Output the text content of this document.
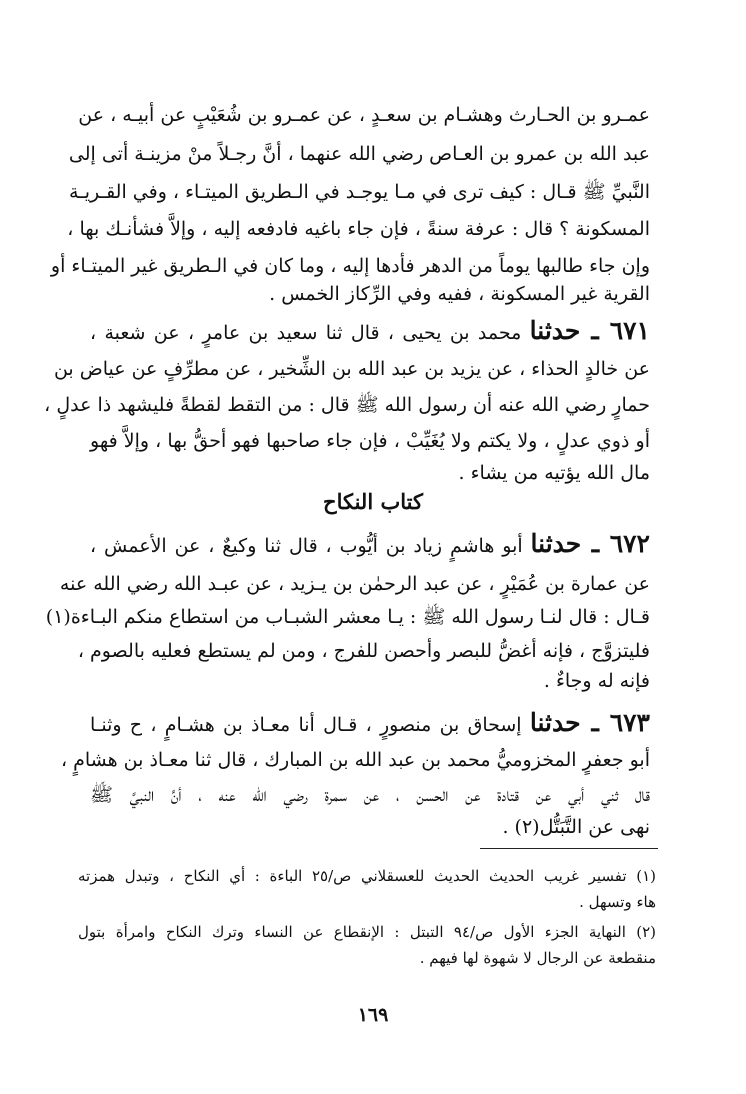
عمـرو بن الحـارث وهشـام بن سعـدٍ ، عن عمـرو بن شُعَيْبٍ عن أبيـه ، عن
عبد الله بن عمرو بن العـاص رضي الله عنهما ، أنَّ رجـلاً منْ مزينـة أتى إلى
النَّبيِّ ﷺ قـال : كيف ترى في مـا يوجـد في الـطريق الميتـاء ، وفي القـريـة
المسكونة ؟ قال : عرفة سنةً ، فإن جاء باغيه فادفعه إليه ، وإلاَّ فشأنـك بها ،
وإن جاء طالبها يوماً من الدهر فأدها إليه ، وما كان في الـطريق غير الميتـاء أو
القرية غير المسكونة ، ففيه وفي الرِّكاز الخمس .
٦٧١ ـ حدثنا محمد بن يحيى ، قال ثنا سعيد بن عامرٍ ، عن شعبة ،
عن خالدٍ الحذاء ، عن يزيد بن عبد الله بن الشِّخير ، عن مطرِّفٍ عن عياض بن
حمارٍ رضي الله عنه أن رسول الله ﷺ قال : من التقط لقطةً فليشهد ذا عدلٍ ،
أو ذوي عدلٍ ، ولا يكتم ولا يُغَيِّبْ ، فإن جاء صاحبها فهو أحقُّ بها ، وإلاَّ فهو
مال الله يؤتيه من يشاء .
كتاب النكاح
٦٧٢ ـ حدثنا أبو هاشمٍ زياد بن أيُّوب ، قال ثنا وكيعٌ ، عن الأعمش ،
عن عمارة بن عُمَيْرٍ ، عن عبد الرحمٰن بن يـزيد ، عن عبـد الله رضي الله عنه
قـال : قال لنـا رسول الله ﷺ : يـا معشر الشبـاب من استطاع منكم البـاءة(١)
فليتزوَّج ، فإنه أغضُّ للبصر وأحصن للفرج ، ومن لم يستطع فعليه بالصوم ،
فإنه له وجاءٌ .
٦٧٣ ـ حدثنا إسحاق بن منصورٍ ، قـال أنا معـاذ بن هشـامٍ ، ح وثنـا
أبو جعفرٍ المخزوميُّ محمد بن عبد الله بن المبارك ، قال ثنا معـاذ بن هشامٍ ،
قال ثني أبي عن قتادة عن الحسن ، عن سمرة رضي الله عنه ، أنَّ النبيَّ ﷺ
نهى عن التَّبَتُّل(٢) .
(١) تفسير غريب الحديث الحديث للعسقلاني ص/٢٥ الباءة : أي النكاح ، وتبدل همزته
هاء وتسهل .
(٢) النهاية الجزء الأول ص/٩٤ التبتل : الإنقطاع عن النساء وترك النكاح وامرأة بتول
منقطعة عن الرجال لا شهوة لها فيهم .
١٦٩
